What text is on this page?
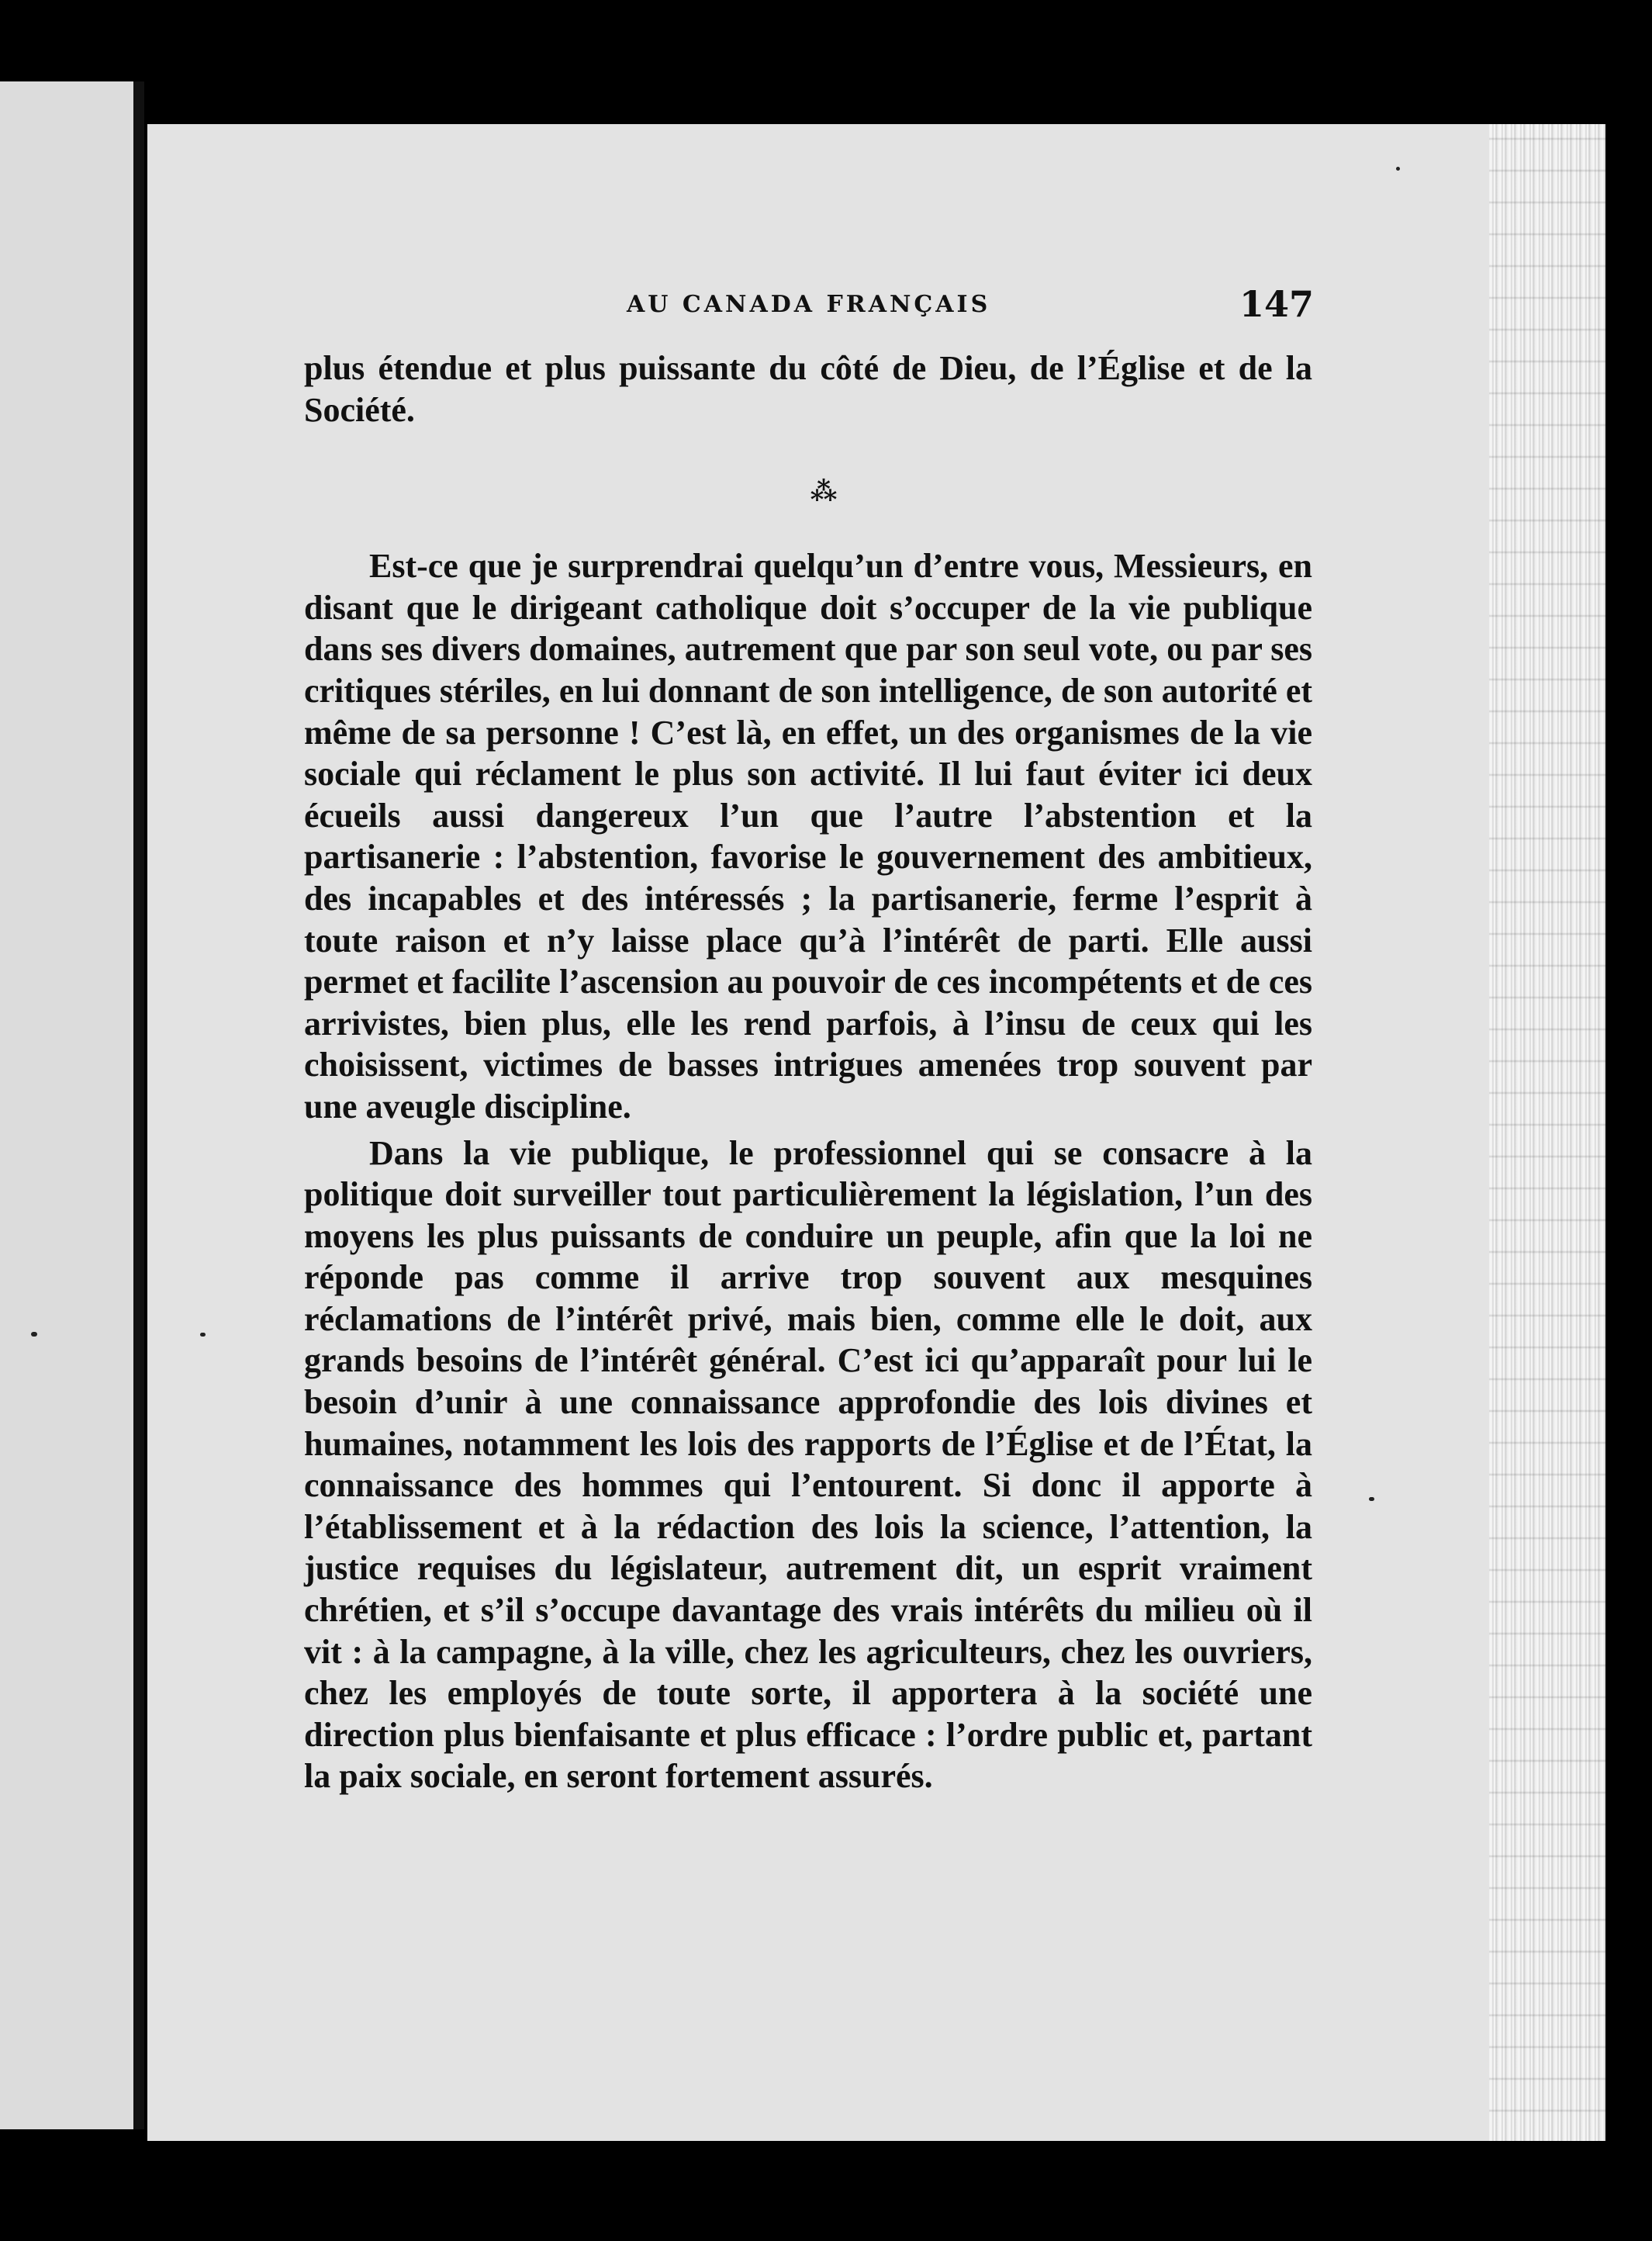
AU CANADA FRANÇAIS	147

plus étendue et plus puissante du côté de Dieu, de l’Église et de la Société.

⁂

Est-ce que je surprendrai quelqu’un d’entre vous, Messieurs, en disant que le dirigeant catholique doit s’occuper de la vie publique dans ses divers domaines, autrement que par son seul vote, ou par ses critiques stériles, en lui donnant de son intelligence, de son autorité et même de sa personne ! C’est là, en effet, un des organismes de la vie sociale qui réclament le plus son activité. Il lui faut éviter ici deux écueils aussi dangereux l’un que l’autre l’abstention et la partisanerie : l’abstention, favorise le gouvernement des ambitieux, des incapables et des intéressés ; la partisanerie, ferme l’esprit à toute raison et n’y laisse place qu’à l’intérêt de parti. Elle aussi permet et facilite l’ascension au pouvoir de ces incompétents et de ces arrivistes, bien plus, elle les rend parfois, à l’insu de ceux qui les choisissent, victimes de basses intrigues amenées trop souvent par une aveugle discipline.

Dans la vie publique, le professionnel qui se consacre à la politique doit surveiller tout particulièrement la législation, l’un des moyens les plus puissants de conduire un peuple, afin que la loi ne réponde pas comme il arrive trop souvent aux mesquines réclamations de l’intérêt privé, mais bien, comme elle le doit, aux grands besoins de l’intérêt général. C’est ici qu’apparaît pour lui le besoin d’unir à une connaissance approfondie des lois divines et humaines, notamment les lois des rapports de l’Église et de l’État, la connaissance des hommes qui l’entourent. Si donc il apporte à l’établissement et à la rédaction des lois la science, l’attention, la justice requises du législateur, autrement dit, un esprit vraiment chrétien, et s’il s’occupe davantage des vrais intérêts du milieu où il vit : à la campagne, à la ville, chez les agriculteurs, chez les ouvriers, chez les employés de toute sorte, il apportera à la société une direction plus bienfaisante et plus efficace : l’ordre public et, partant la paix sociale, en seront fortement assurés.
